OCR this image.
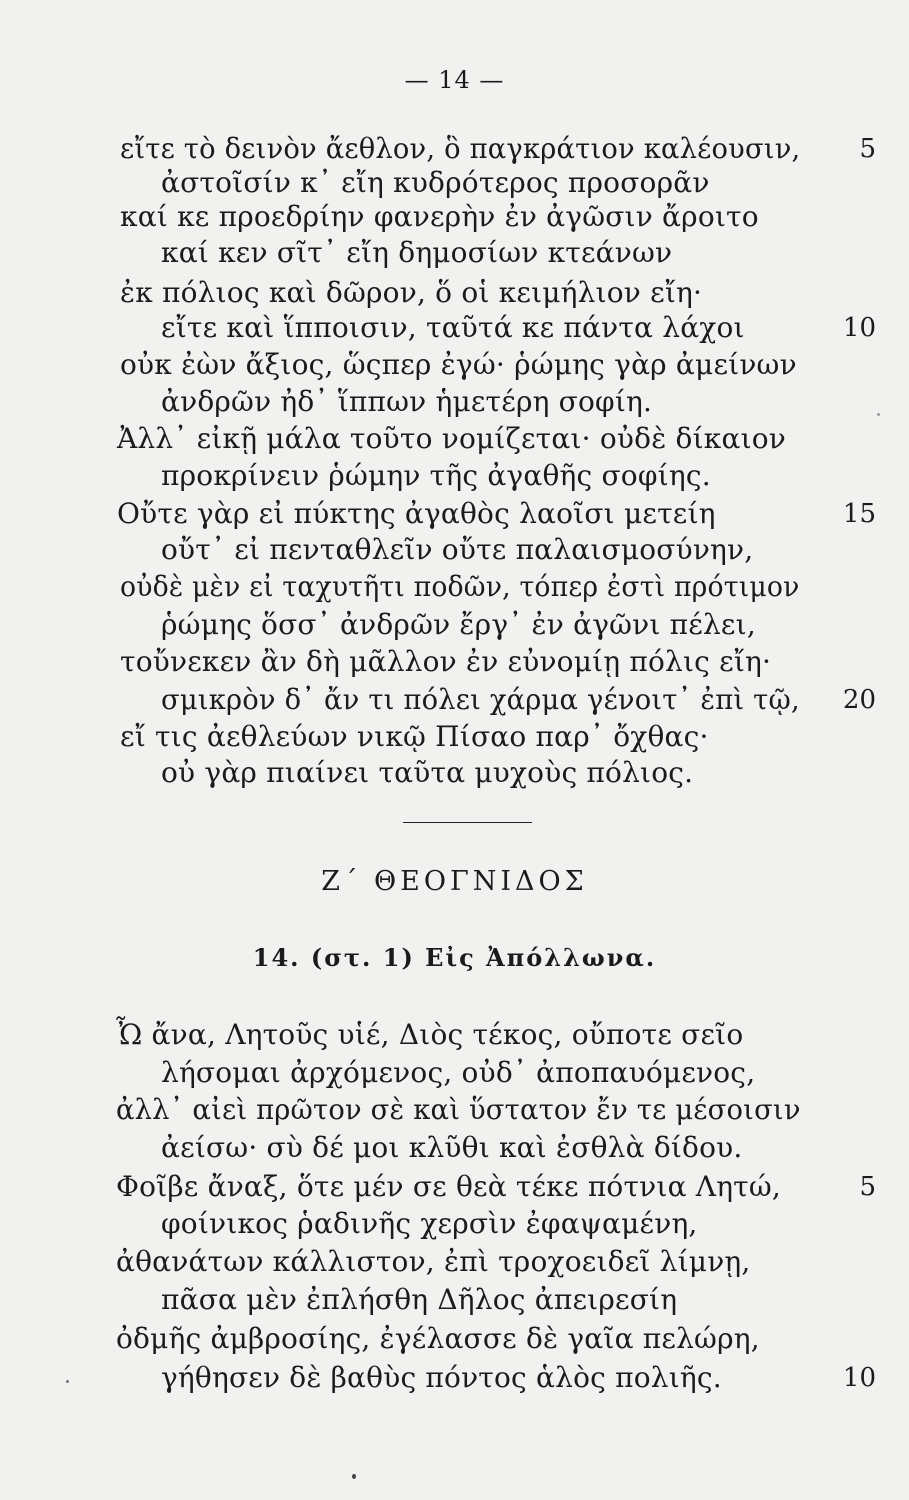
— 14 —
εἴτε τὸ δεινὸν ἄεθλον, ὃ παγκράτιον καλέουσιν,	5
ἀστοῖσίν κ᾽ εἴη κυδρότερος προσορᾶν
καί κε προεδρίην φανερὴν ἐν ἀγῶσιν ἄροιτο
καί κεν σῖτ᾽ εἴη δημοσίων κτεάνων
ἐκ πόλιος καὶ δῶρον, ὅ οἱ κειμήλιον εἴη·
εἴτε καὶ ἵπποισιν, ταῦτά κε πάντα λάχοι	10
οὐκ ἐὼν ἄξιος, ὥςπερ ἐγώ· ῥώμης γὰρ ἀμείνων
ἀνδρῶν ἠδ᾽ ἵππων ἡμετέρη σοφίη.
Ἀλλ᾽ εἰκῇ μάλα τοῦτο νομίζεται· οὐδὲ δίκαιον
προκρίνειν ῥώμην τῆς ἀγαθῆς σοφίης.
Οὔτε γὰρ εἰ πύκτης ἀγαθὸς λαοῖσι μετείη	15
οὔτ᾽ εἰ πενταθλεῖν οὔτε παλαισμοσύνην,
οὐδὲ μὲν εἰ ταχυτῆτι ποδῶν, τόπερ ἐστὶ πρότιμον
ῥώμης ὅσσ᾽ ἀνδρῶν ἔργ᾽ ἐν ἀγῶνι πέλει,
τοὔνεκεν ἂν δὴ μᾶλλον ἐν εὐνομίῃ πόλις εἴη·
σμικρὸν δ᾽ ἄν τι πόλει χάρμα γένοιτ᾽ ἐπὶ τῷ,	20
εἴ τις ἀεθλεύων νικῷ Πίσαο παρ᾽ ὄχθας·
οὐ γὰρ πιαίνει ταῦτα μυχοὺς πόλιος.
Ζ΄ ΘΕΟΓΝΙΔΟΣ
14. (στ. 1) Εἰς Ἀπόλλωνα.
Ὦ ἄνα, Λητοῦς υἱέ, Διὸς τέκος, οὔποτε σεῖο
λήσομαι ἀρχόμενος, οὐδ᾽ ἀποπαυόμενος,
ἀλλ᾽ αἰεὶ πρῶτον σὲ καὶ ὕστατον ἔν τε μέσοισιν
ἀείσω· σὺ δέ μοι κλῦθι καὶ ἐσθλὰ δίδου.
Φοῖβε ἄναξ, ὅτε μέν σε θεὰ τέκε πότνια Λητώ,	5
φοίνικος ῥαδινῆς χερσὶν ἐφαψαμένη,
ἀθανάτων κάλλιστον, ἐπὶ τροχοειδεῖ λίμνῃ,
πᾶσα μὲν ἐπλήσθη Δῆλος ἀπειρεσίη
ὀδμῆς ἀμβροσίης, ἐγέλασσε δὲ γαῖα πελώρη,
γήθησεν δὲ βαθὺς πόντος ἁλὸς πολιῆς.	10
